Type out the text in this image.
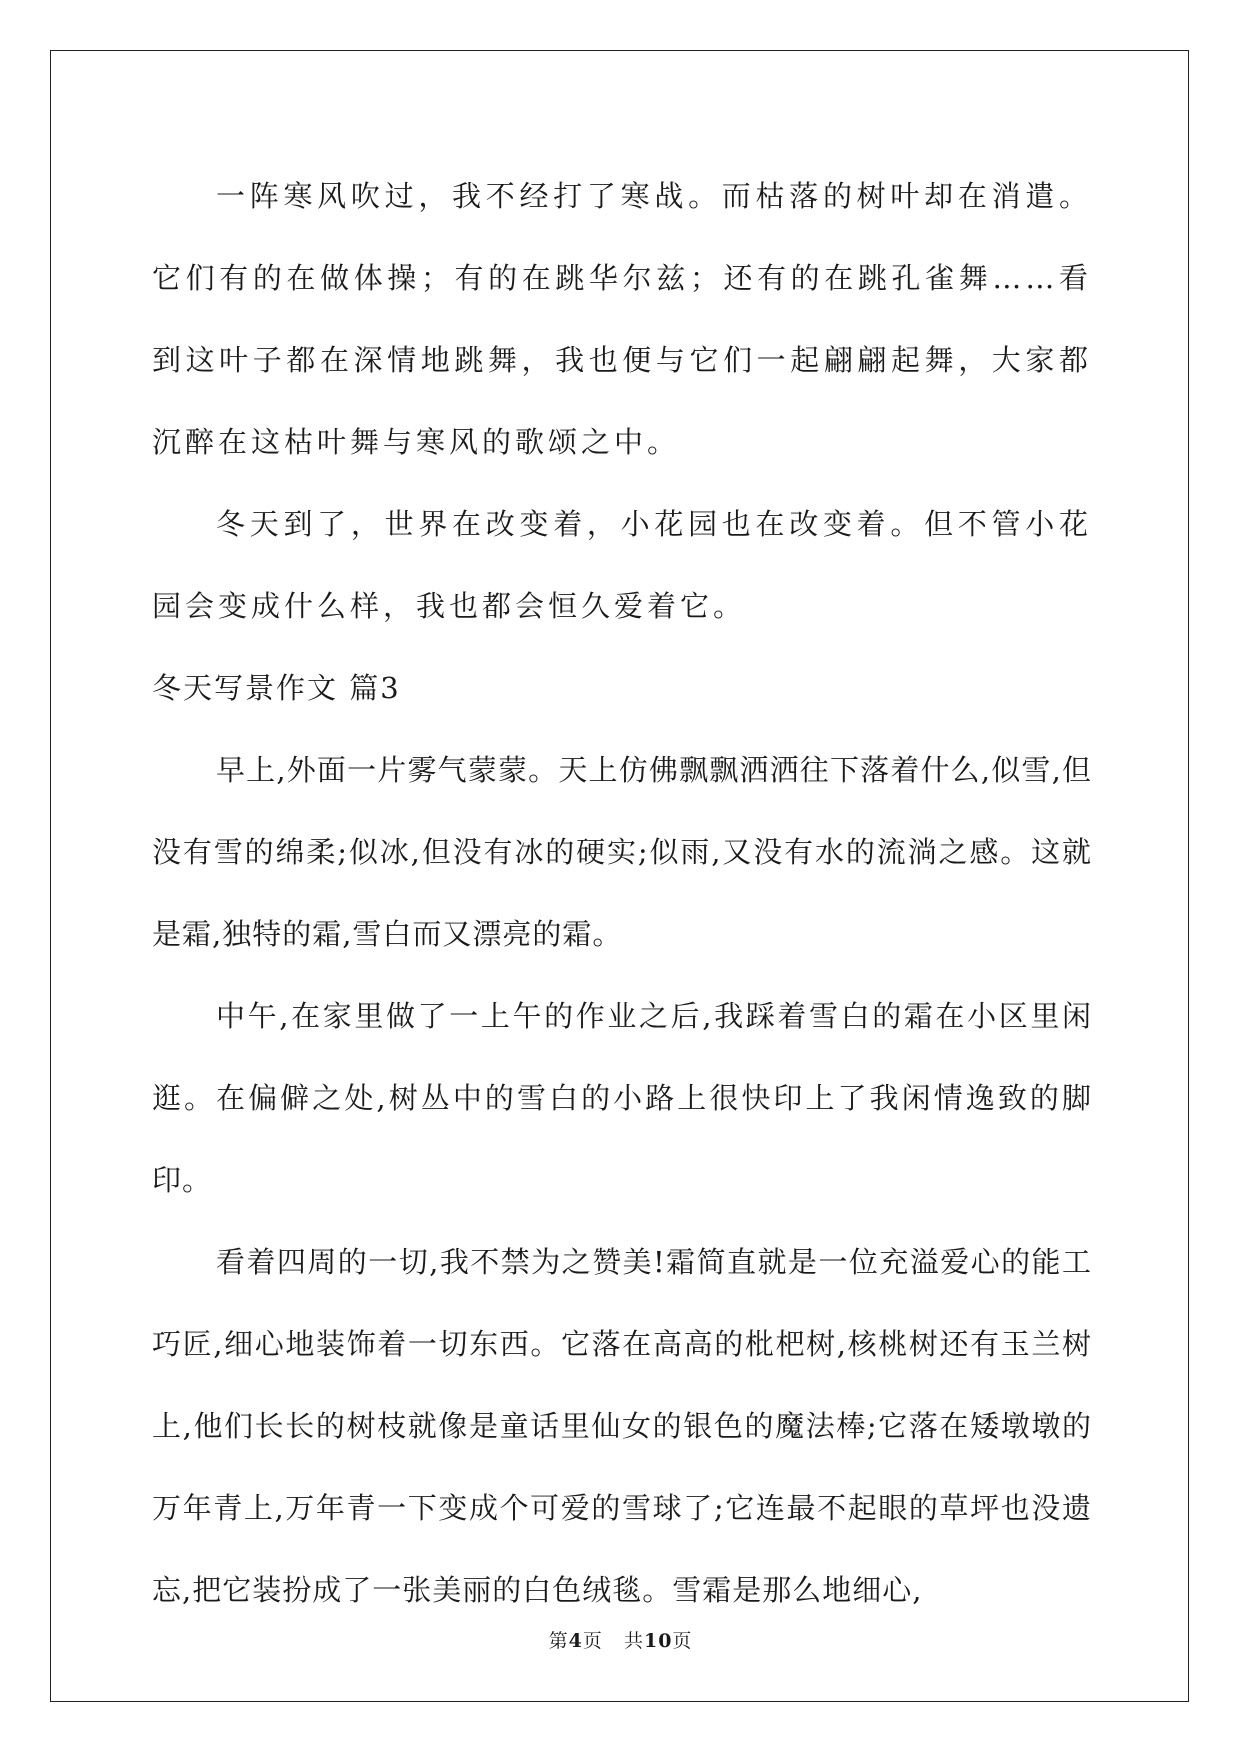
一阵寒风吹过，我不经打了寒战。而枯落的树叶却在消遣。它们有的在做体操；有的在跳华尔兹；还有的在跳孔雀舞……看到这叶子都在深情地跳舞，我也便与它们一起翩翩起舞，大家都沉醉在这枯叶舞与寒风的歌颂之中。

冬天到了，世界在改变着，小花园也在改变着。但不管小花园会变成什么样，我也都会恒久爱着它。

冬天写景作文 篇3

早上,外面一片雾气蒙蒙。天上仿佛飘飘洒洒往下落着什么,似雪,但没有雪的绵柔;似冰,但没有冰的硬实;似雨,又没有水的流淌之感。这就是霜,独特的霜,雪白而又漂亮的霜。

中午,在家里做了一上午的作业之后,我踩着雪白的霜在小区里闲逛。在偏僻之处,树丛中的雪白的小路上很快印上了我闲情逸致的脚印。

看着四周的一切,我不禁为之赞美!霜简直就是一位充溢爱心的能工巧匠,细心地装饰着一切东西。它落在高高的枇杷树,核桃树还有玉兰树上,他们长长的树枝就像是童话里仙女的银色的魔法棒;它落在矮墩墩的万年青上,万年青一下变成个可爱的雪球了;它连最不起眼的草坪也没遗忘,把它装扮成了一张美丽的白色绒毯。雪霜是那么地细心,

第4页 共10页
